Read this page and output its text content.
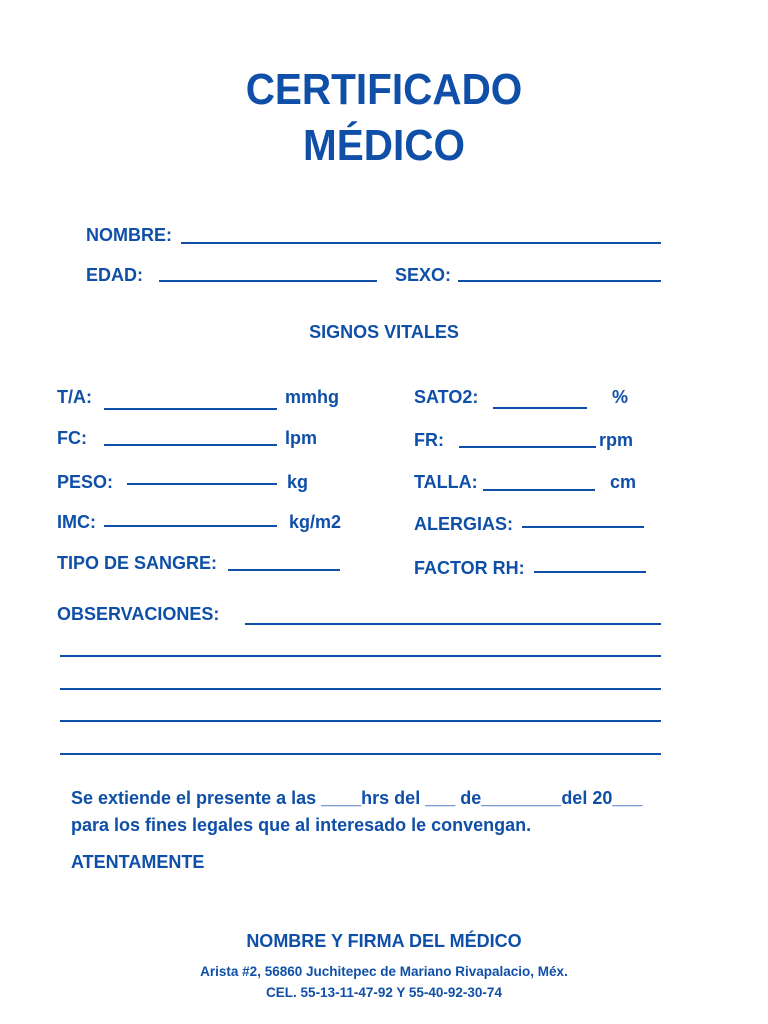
CERTIFICADO
MÉDICO
NOMBRE:
EDAD:	SEXO:
SIGNOS VITALES
T/A:	mmhg
FC:	lpm
PESO:	kg
IMC:	kg/m2
TIPO DE SANGRE:
SATO2:	%
FR:	rpm
TALLA:	cm
ALERGIAS:
FACTOR RH:
OBSERVACIONES:
Se extiende el presente a las ____hrs del ___ de________del 20___
para los fines legales que al interesado le convengan.
ATENTAMENTE
NOMBRE Y FIRMA DEL MÉDICO
Arista #2, 56860 Juchitepec de Mariano Rivapalacio, Méx.
CEL. 55-13-11-47-92 Y 55-40-92-30-74
